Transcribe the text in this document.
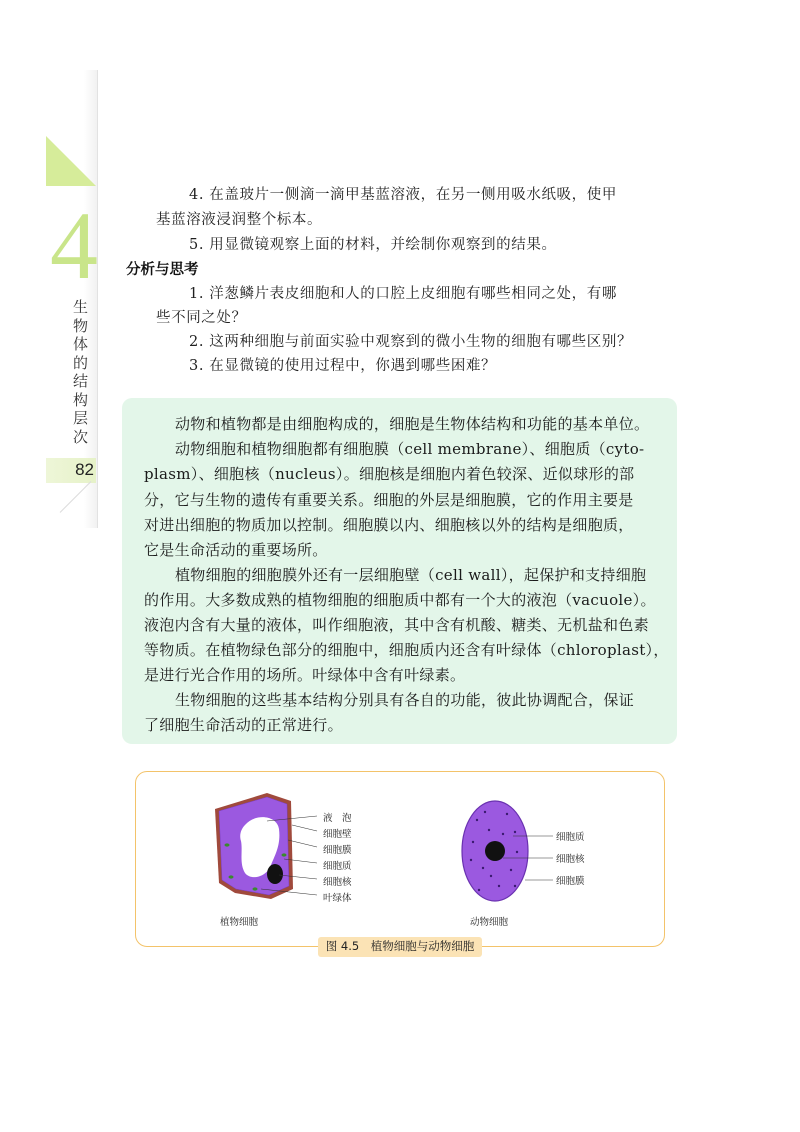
4
生物体的结构层次
82
4. 在盖玻片一侧滴一滴甲基蓝溶液，在另一侧用吸水纸吸，使甲
基蓝溶液浸润整个标本。
5. 用显微镜观察上面的材料，并绘制你观察到的结果。
分析与思考
1. 洋葱鳞片表皮细胞和人的口腔上皮细胞有哪些相同之处，有哪
些不同之处？
2. 这两种细胞与前面实验中观察到的微小生物的细胞有哪些区别？
3. 在显微镜的使用过程中，你遇到哪些困难？
动物和植物都是由细胞构成的，细胞是生物体结构和功能的基本单位。
动物细胞和植物细胞都有细胞膜（cell membrane）、细胞质（cyto-
plasm）、细胞核（nucleus）。细胞核是细胞内着色较深、近似球形的部
分，它与生物的遗传有重要关系。细胞的外层是细胞膜，它的作用主要是
对进出细胞的物质加以控制。细胞膜以内、细胞核以外的结构是细胞质，
它是生命活动的重要场所。
植物细胞的细胞膜外还有一层细胞壁（cell wall），起保护和支持细胞
的作用。大多数成熟的植物细胞的细胞质中都有一个大的液泡（vacuole）。
液泡内含有大量的液体，叫作细胞液，其中含有机酸、糖类、无机盐和色素
等物质。在植物绿色部分的细胞中，细胞质内还含有叶绿体（chloroplast），
是进行光合作用的场所。叶绿体中含有叶绿素。
生物细胞的这些基本结构分别具有各自的功能，彼此协调配合，保证
了细胞生命活动的正常进行。
液　泡
细胞壁
细胞膜
细胞质
细胞核
叶绿体
植物细胞
细胞质
细胞核
细胞膜
动物细胞
图 4.5　植物细胞与动物细胞
